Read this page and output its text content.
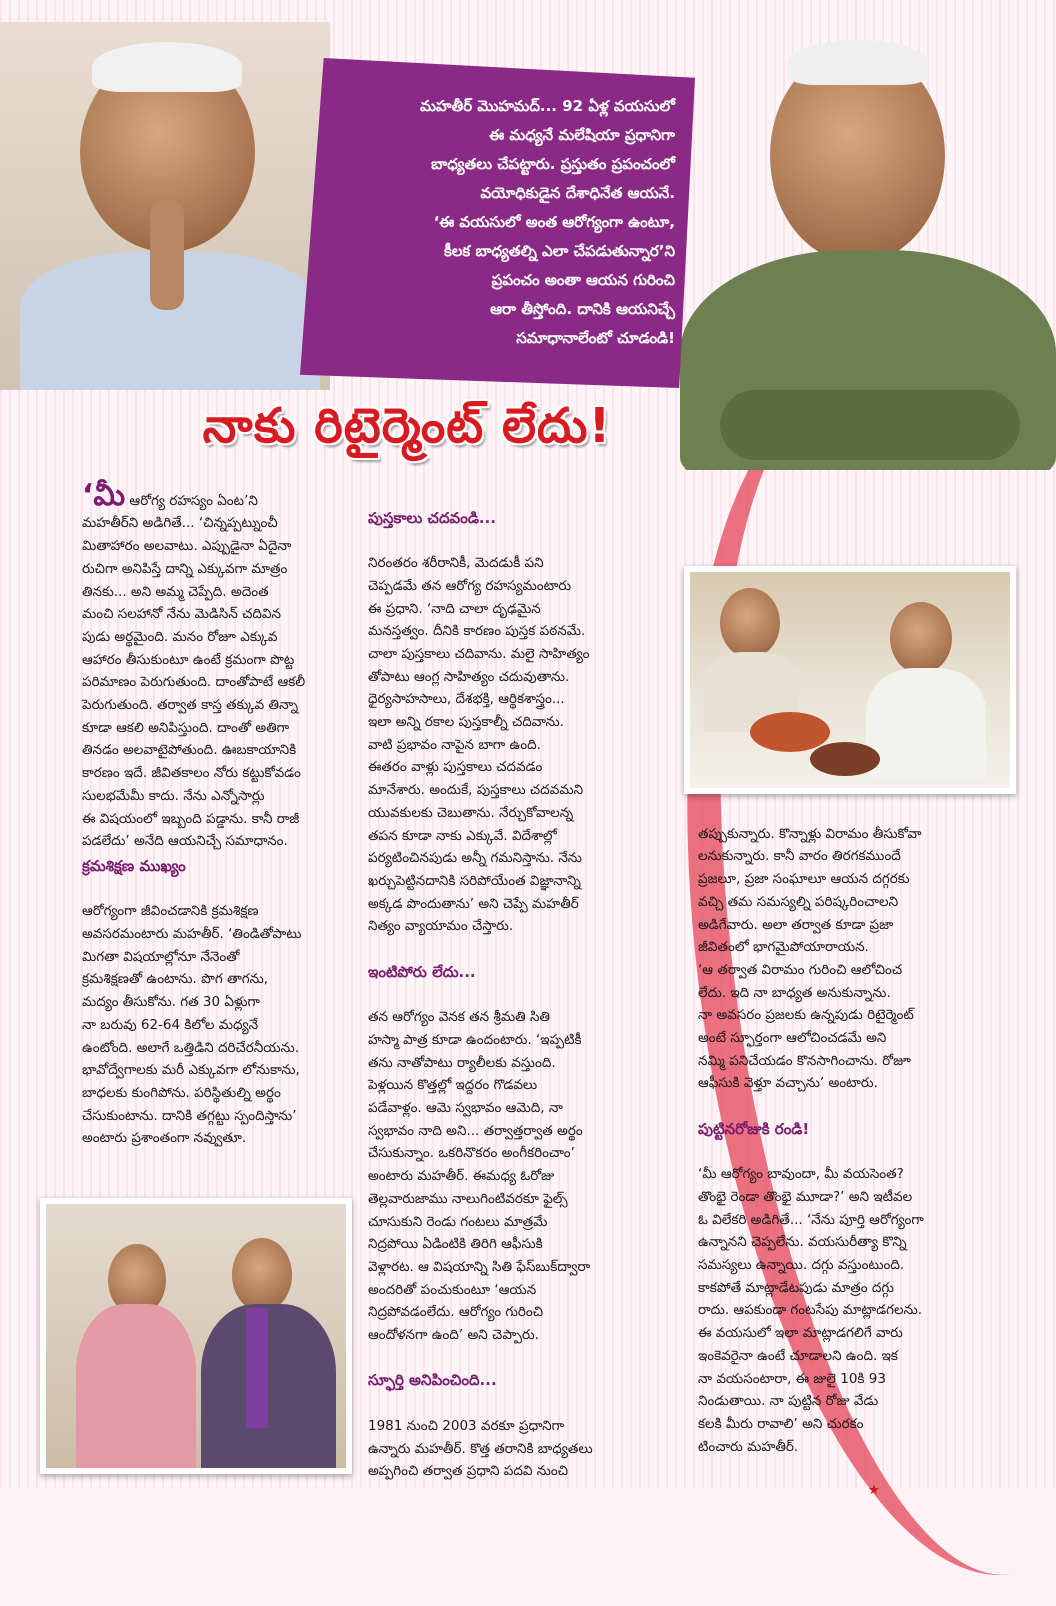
మహతీర్ మొహమద్... 92 ఏళ్ల వయసులో
ఈ మధ్యనే మలేషియా ప్రధానిగా
బాధ్యతలు చేపట్టారు. ప్రస్తుతం ప్రపంచంలో
వయోధికుడైన దేశాధినేత ఆయనే.
‘ఈ వయసులో అంత ఆరోగ్యంగా ఉంటూ,
కీలక బాధ్యతల్ని ఎలా చేపడుతున్నార’ని
ప్రపంచం అంతా ఆయన గురించి
ఆరా తీస్తోంది. దానికి ఆయనిచ్చే
సమాధానాలేంటో చూడండి!
నాకు రిటైర్మెంట్ లేదు!

‘మీ ఆరోగ్య రహస్యం ఏంట’ని
మహతీర్‌ని అడిగితే... ‘చిన్నప్పట్నుంచీ
మితాహారం అలవాటు. ఎప్పుడైనా ఏదైనా
రుచిగా అనిపిస్తే దాన్ని ఎక్కువగా మాత్రం
తినకు... అని అమ్మ చెప్పేది. అదెంత
మంచి సలహానో నేను మెడిసిన్ చదివిన
పుడు అర్థమైంది. మనం రోజూ ఎక్కువ
ఆహారం తీసుకుంటూ ఉంటే క్రమంగా పొట్ట
పరిమాణం పెరుగుతుంది. దాంతోపాటే ఆకలీ
పెరుగుతుంది. తర్వాత కాస్త తక్కువ తిన్నా
కూడా ఆకలి అనిపిస్తుంది. దాంతో అతిగా
తినడం అలవాటైపోతుంది. ఊబకాయానికి
కారణం ఇదే. జీవితకాలం నోరు కట్టుకోవడం
సులభమేమీ కాదు. నేను ఎన్నోసార్లు
ఈ విషయంలో ఇబ్బంది పడ్డాను. కానీ రాజీ
పడలేదు’ అనేది ఆయనిచ్చే సమాధానం.

క్రమశిక్షణ ముఖ్యం

ఆరోగ్యంగా జీవించడానికి క్రమశిక్షణ
అవసరమంటారు మహతీర్. ‘తిండితోపాటు
మిగతా విషయాల్లోనూ నేనెంతో
క్రమశిక్షణతో ఉంటాను. పొగ తాగను,
మద్యం తీసుకోను. గత 30 ఏళ్లుగా
నా బరువు 62-64 కిలోల మధ్యనే
ఉంటోంది. అలాగే ఒత్తిడిని దరిచేరనీయను.
భావోద్వేగాలకు మరీ ఎక్కువగా లోనుకాను,
బాధలకు కుంగిపోను. పరిస్థితుల్ని అర్థం
చేసుకుంటాను. దానికి తగ్గట్టు స్పందిస్తాను’
అంటారు ప్రశాంతంగా నవ్వుతూ.

పుస్తకాలు చదవండి...

నిరంతరం శరీరానికీ, మెదడుకీ పని
చెప్పడమే తన ఆరోగ్య రహస్యమంటారు
ఈ ప్రధాని. ‘నాది చాలా దృఢమైన
మనస్తత్వం. దీనికి కారణం పుస్తక పఠనమే.
చాలా పుస్తకాలు చదివాను. మలై సాహిత్యం
తోపాటు ఆంగ్ల సాహిత్యం చదువుతాను.
ధైర్యసాహసాలు, దేశభక్తి, ఆర్థికశాస్త్రం...
ఇలా అన్ని రకాల పుస్తకాల్నీ చదివాను.
వాటి ప్రభావం నాపైన బాగా ఉంది.
ఈతరం వాళ్లు పుస్తకాలు చదవడం
మానేశారు. అందుకే, పుస్తకాలు చదవమని
యువకులకు చెబుతాను. నేర్చుకోవాలన్న
తపన కూడా నాకు ఎక్కువే. విదేశాల్లో
పర్యటించినపుడు అన్నీ గమనిస్తాను. నేను
ఖర్చుపెట్టినదానికి సరిపోయేంత విజ్ఞానాన్ని
అక్కడ పొందుతాను’ అని చెప్పే మహతీర్
నిత్యం వ్యాయామం చేస్తారు.

ఇంటిపోరు లేదు...

తన ఆరోగ్యం వెనక తన శ్రీమతి సితి
హస్మా పాత్ర కూడా ఉందంటారు. ‘ఇప్పటికీ
తను నాతోపాటు ర్యాలీలకు వస్తుంది.
పెళ్లయిన కొత్తల్లో ఇద్దరం గొడవలు
పడేవాళ్లం. ఆమె స్వభావం ఆమెది, నా
స్వభావం నాది అని... తర్వాత్తర్వాత అర్థం
చేసుకున్నాం. ఒకరినొకరం అంగీకరించాం’
అంటారు మహతీర్. ఈమధ్య ఓరోజు
తెల్లవారుజాము నాలుగింటివరకూ ఫైల్స్
చూసుకుని రెండు గంటలు మాత్రమే
నిద్రపోయి ఏడింటికి తిరిగి ఆఫీసుకి
వెళ్లారట. ఆ విషయాన్ని సితి ఫేస్‌బుక్‌ద్వారా
అందరితో పంచుకుంటూ ‘ఆయన
నిద్రపోవడంలేదు. ఆరోగ్యం గురించి
ఆందోళనగా ఉంది’ అని చెప్పారు.

స్ఫూర్తి అనిపించింది...

1981 నుంచి 2003 వరకూ ప్రధానిగా
ఉన్నారు మహతీర్. కొత్త తరానికి బాధ్యతలు
అప్పగించి తర్వాత ప్రధాని పదవి నుంచి

తప్పుకున్నారు. కొన్నాళ్లు విరామం తీసుకోవా
లనుకున్నారు. కానీ వారం తిరగకముందే
ప్రజలూ, ప్రజా సంఘాలూ ఆయన దగ్గరకు
వచ్చి తమ సమస్యల్ని పరిష్కరించాలని
అడిగేవారు. అలా తర్వాత కూడా ప్రజా
జీవితంలో భాగమైపోయారాయన.
‘ఆ తర్వాత విరామం గురించి ఆలోచించ
లేదు. ఇది నా బాధ్యత అనుకున్నాను.
నా అవసరం ప్రజలకు ఉన్నపుడు రిటైర్మెంట్
అంటే స్ఫూర్తంగా ఆలోచించడమే అని
నమ్మి పనిచేయడం కొనసాగించాను. రోజూ
ఆఫీసుకి వెళ్తూ వచ్చాను’ అంటారు.

పుట్టినరోజుకి రండి!

‘మీ ఆరోగ్యం బావుందా, మీ వయసెంత?
తొంభై రెండా తొంభై మూడా?’ అని ఇటీవల
ఓ విలేకరి అడిగితే... ‘నేను పూర్తి ఆరోగ్యంగా
ఉన్నానని చెప్పలేను. వయసురీత్యా కొన్ని
సమస్యలు ఉన్నాయి. దగ్గు వస్తుంటుంది.
కాకపోతే మాట్లాడేటపుడు మాత్రం దగ్గు
రాదు. ఆపకుండా గంటసేపు మాట్లాడగలను.
ఈ వయసులో ఇలా మాట్లాడగలిగే వారు
ఇంకెవరైనా ఉంటే చూడాలని ఉంది. ఇక
నా వయసంటారా, ఈ జులై 10కి 93
నిండుతాయి. నా పుట్టిన రోజు వేడు
కలకి మీరు రావాలి’ అని చురకం
టించారు మహతీర్.

★
